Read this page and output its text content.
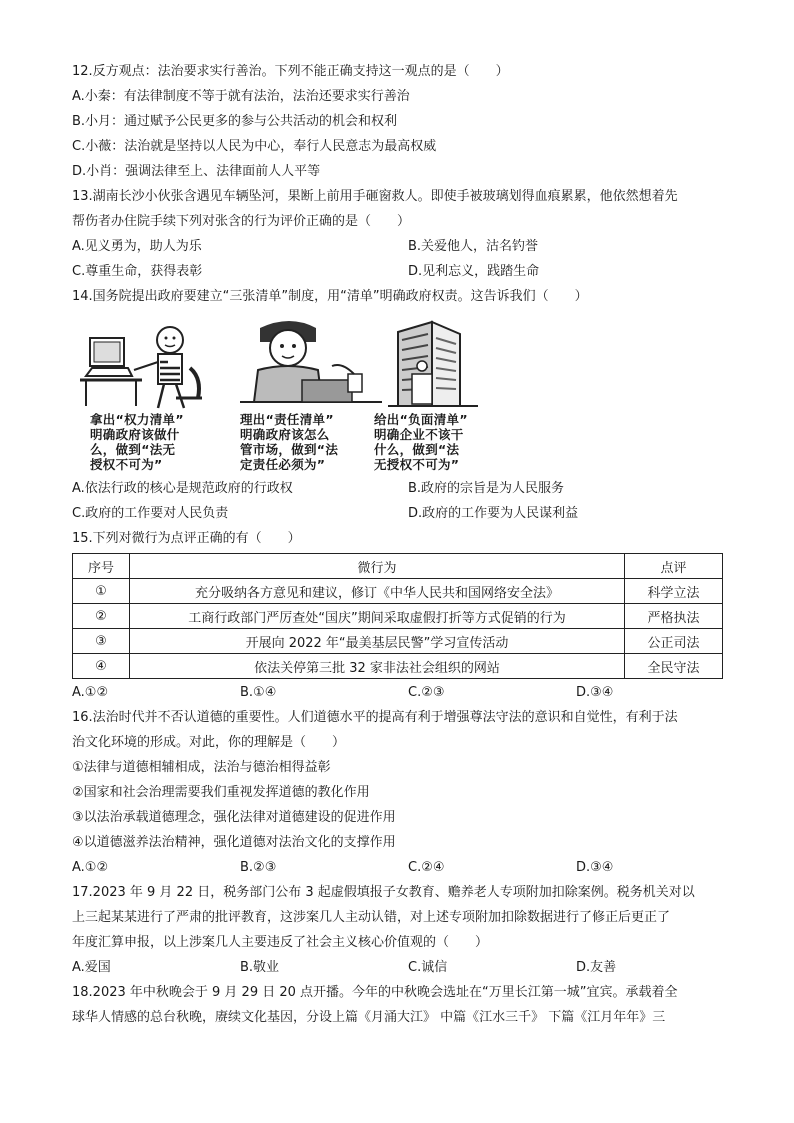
12.反方观点：法治要求实行善治。下列不能正确支持这一观点的是（　　）
A.小秦：有法律制度不等于就有法治，法治还要求实行善治
B.小月：通过赋予公民更多的参与公共活动的机会和权利
C.小薇：法治就是坚持以人民为中心，奉行人民意志为最高权威
D.小肖：强调法律至上、法律面前人人平等
13.湖南长沙小伙张含遇见车辆坠河，果断上前用手砸窗救人。即使手被玻璃划得血痕累累，他依然想着先
帮伤者办住院手续下列对张含的行为评价正确的是（　　）
A.见义勇为，助人为乐	B.关爱他人，沽名钓誉
C.尊重生命，获得表彰	D.见利忘义，践踏生命
14.国务院提出政府要建立“三张清单”制度，用“清单”明确政府权责。这告诉我们（　　）
拿出“权力清单”
明确政府该做什
么，做到“法无
授权不可为”
理出“责任清单”
明确政府该怎么
管市场，做到“法
定责任必须为”
给出“负面清单”
明确企业不该干
什么，做到“法
无授权不可为”
A.依法行政的核心是规范政府的行政权	B.政府的宗旨是为人民服务
C.政府的工作要对人民负责	D.政府的工作要为人民谋利益
15.下列对微行为点评正确的有（　　）
序号	微行为	点评
①	充分吸纳各方意见和建议，修订《中华人民共和国网络安全法》	科学立法
②	工商行政部门严厉查处“国庆”期间采取虚假打折等方式促销的行为	严格执法
③	开展向 2022 年“最美基层民警”学习宣传活动	公正司法
④	依法关停第三批 32 家非法社会组织的网站	全民守法
A.①②	B.①④	C.②③	D.③④
16.法治时代并不否认道德的重要性。人们道德水平的提高有利于增强尊法守法的意识和自觉性，有利于法
治文化环境的形成。对此，你的理解是（　　）
①法律与道德相辅相成，法治与德治相得益彰
②国家和社会治理需要我们重视发挥道德的教化作用
③以法治承载道德理念，强化法律对道德建设的促进作用
④以道德滋养法治精神，强化道德对法治文化的支撑作用
A.①②	B.②③	C.②④	D.③④
17.2023 年 9 月 22 日，税务部门公布 3 起虚假填报子女教育、赡养老人专项附加扣除案例。税务机关对以
上三起某某进行了严肃的批评教育，这涉案几人主动认错，对上述专项附加扣除数据进行了修正后更正了
年度汇算申报，以上涉案几人主要违反了社会主义核心价值观的（　　）
A.爱国	B.敬业	C.诚信	D.友善
18.2023 年中秋晚会于 9 月 29 日 20 点开播。今年的中秋晚会选址在“万里长江第一城”宜宾。承载着全
球华人情感的总台秋晚，赓续文化基因，分设上篇《月涌大江》 中篇《江水三千》 下篇《江月年年》三
